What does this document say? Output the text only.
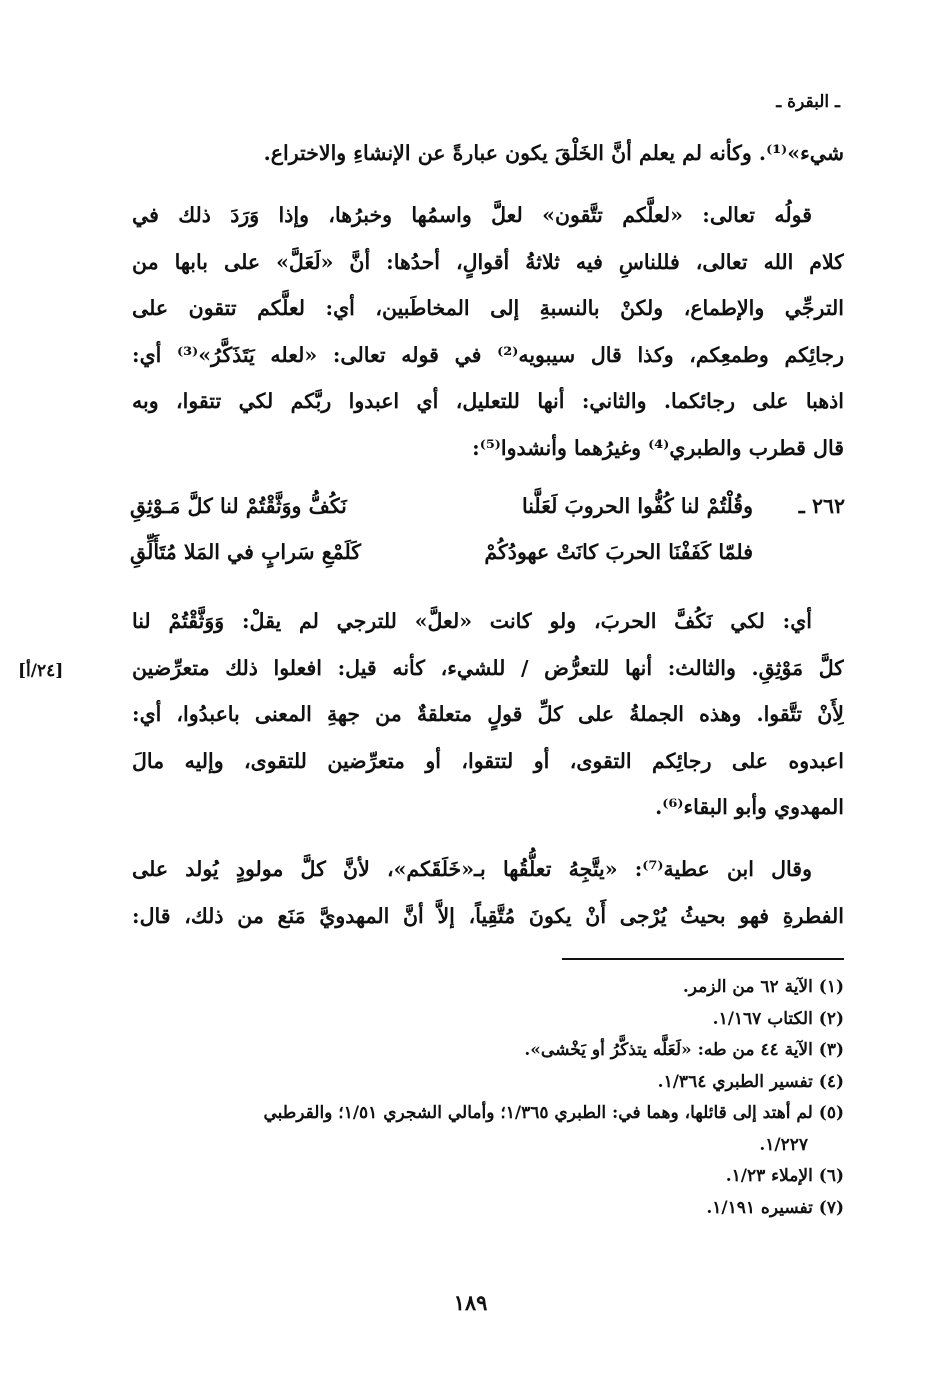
ـ البقرة ـ
شيء»⁽¹⁾. وكأنه لم يعلم أنَّ الخَلْقَ يكون عبارةً عن الإنشاءِ والاختراع.
قولُه تعالى: «لعلَّكم تتَّقون» لعلَّ واسمُها وخبرُها، وإذا وَرَدَ ذلك في
كلام الله تعالى، فللناسِ فيه ثلاثةُ أقوالٍ، أحدُها: أنَّ «لَعَلَّ» على بابها من
الترجِّي والإطماع، ولكنْ بالنسبةِ إلى المخاطَبين، أي: لعلَّكم تتقون على
رجائِكم وطمعِكم، وكذا قال سيبويه⁽²⁾ في قوله تعالى: «لعله يَتَذَكَّرُ»⁽³⁾ أي:
اذهبا على رجائكما. والثاني: أنها للتعليل، أي اعبدوا ربَّكم لكي تتقوا، وبه
قال قطرب والطبري⁽⁴⁾ وغيرُهما وأنشدوا⁽⁵⁾:
٢٦٢ ـ
وقُلْتُمْ لنا كُفُّوا الحروبَ لَعَلَّنا
نَكُفُّ ووَثَّقْتُمْ لنا كلَّ مَـوْثِقِ
فلمّا كَفَفْنَا الحربَ كانَتْ عهودُكُمْ
كَلَمْعِ سَرابٍ في المَلا مُتَأَلِّقِ
أي: لكي نَكُفَّ الحربَ، ولو كانت «لعلَّ» للترجي لم يقلْ: وَوَثَّقْتُمْ لنا
كلَّ مَوْثِقِ. والثالث: أنها للتعرُّض / للشيء، كأنه قيل: افعلوا ذلك متعرِّضين
لِأَنْ تتَّقوا. وهذه الجملةُ على كلِّ قولٍ متعلقةٌ من جهةِ المعنى باعبدُوا، أي:
اعبدوه على رجائِكم التقوى، أو لتتقوا، أو متعرِّضين للتقوى، وإليه مالَ
المهدوي وأبو البقاء⁽⁶⁾.
[٢٤/أ]
وقال ابن عطية⁽⁷⁾: «يتَّجِهُ تعلُّقُها بـ«خَلَقَكم»، لأنَّ كلَّ مولودٍ يُولد على
الفطرةِ فهو بحيثُ يُرْجى أَنْ يكونَ مُتَّقِياً، إلاَّ أنَّ المهدويَّ مَنَع من ذلك، قال:
(١) الآية ٦٢ من الزمر.
(٢) الكتاب ١/١٦٧.
(٣) الآية ٤٤ من طه: «لَعَلَّه يتذكَّرُ أو يَخْشى».
(٤) تفسير الطبري ١/٣٦٤.
(٥) لم أهتد إلى قائلها، وهما في: الطبري ١/٣٦٥؛ وأمالي الشجري ١/٥١؛ والقرطبي
١/٢٢٧.
(٦) الإملاء ١/٢٣.
(٧) تفسيره ١/١٩١.
١٨٩
